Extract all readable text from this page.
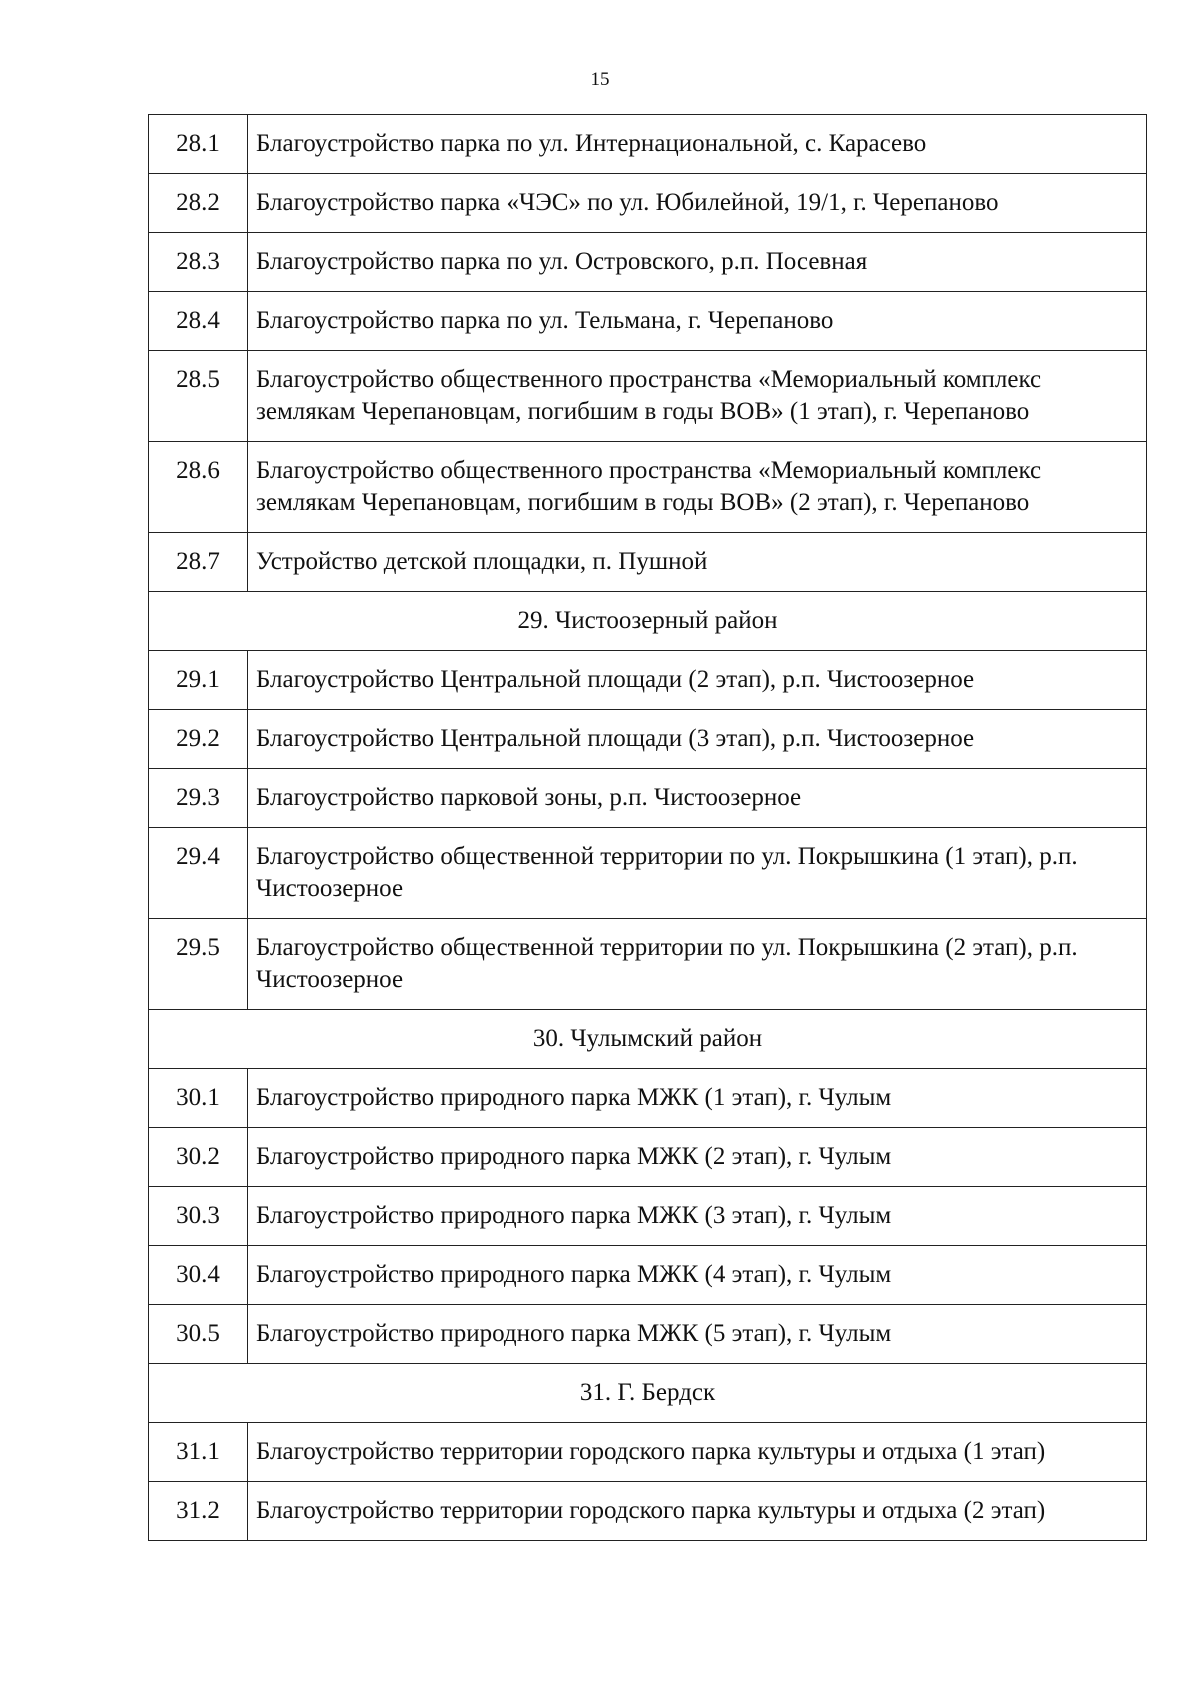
15
28.1	Благоустройство парка по ул. Интернациональной, с. Карасево
28.2	Благоустройство парка «ЧЭС» по ул. Юбилейной, 19/1, г. Черепаново
28.3	Благоустройство парка по ул. Островского, р.п. Посевная
28.4	Благоустройство парка по ул. Тельмана, г. Черепаново
28.5	Благоустройство общественного пространства «Мемориальный комплекс землякам Черепановцам, погибшим в годы ВОВ» (1 этап), г. Черепаново
28.6	Благоустройство общественного пространства «Мемориальный комплекс землякам Черепановцам, погибшим в годы ВОВ» (2 этап), г. Черепаново
28.7	Устройство детской площадки, п. Пушной
29. Чистоозерный район	
29.1	Благоустройство Центральной площади (2 этап), р.п. Чистоозерное
29.2	Благоустройство Центральной площади (3 этап), р.п. Чистоозерное
29.3	Благоустройство парковой зоны, р.п. Чистоозерное
29.4	Благоустройство общественной территории по ул. Покрышкина (1 этап), р.п. Чистоозерное
29.5	Благоустройство общественной территории по ул. Покрышкина (2 этап), р.п. Чистоозерное
30. Чулымский район	
30.1	Благоустройство природного парка МЖК (1 этап), г. Чулым
30.2	Благоустройство природного парка МЖК (2 этап), г. Чулым
30.3	Благоустройство природного парка МЖК (3 этап), г. Чулым
30.4	Благоустройство природного парка МЖК (4 этап), г. Чулым
30.5	Благоустройство природного парка МЖК (5 этап), г. Чулым
31. Г. Бердск	
31.1	Благоустройство территории городского парка культуры и отдыха (1 этап)
31.2	Благоустройство территории городского парка культуры и отдыха (2 этап)
